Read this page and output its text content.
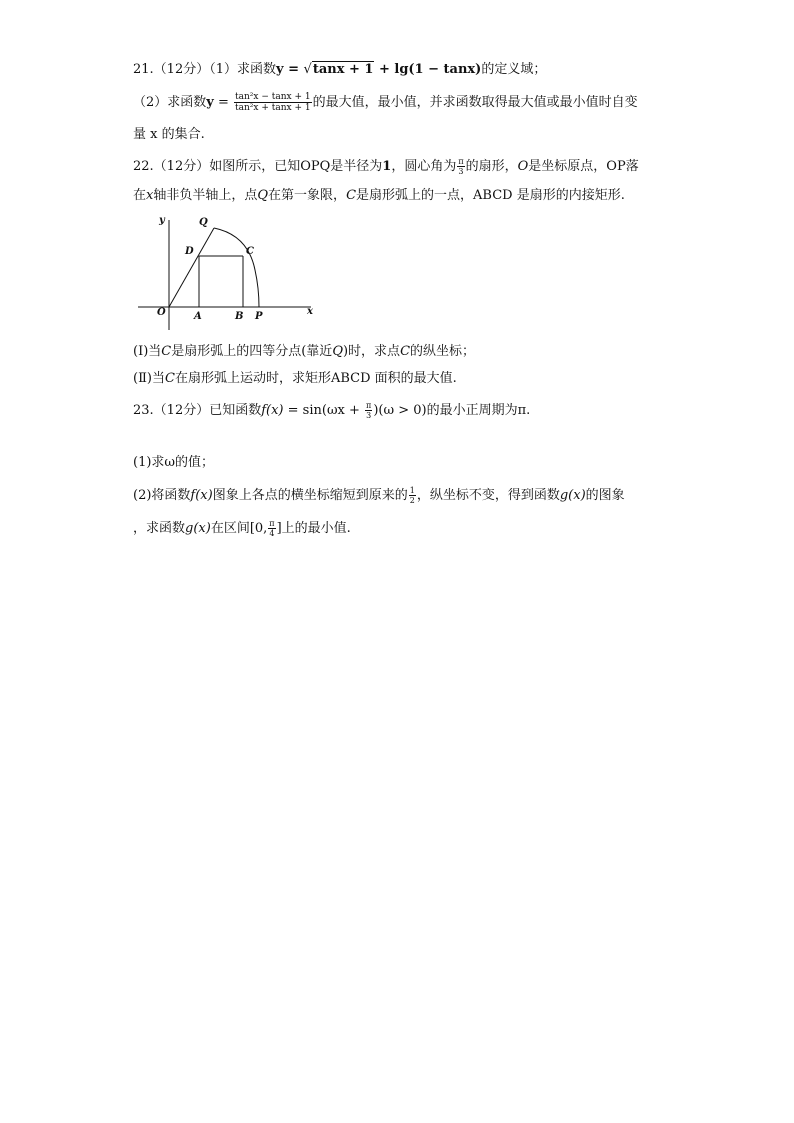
21.（12分）（1）求函数y = √tanx + 1 + lg(1 − tanx)的定义域；
（2）求函数$y = \frac{\text{tan²x − tanx + 1}}{\text{tan²x + tanx + 1}}$ 的最大值，最小值，并求函数取得最大值或最小值时自变
量 x 的集合.
22.（12分）如图所示，已知OPQ是半径为1，圆心角为 $\frac{\pi}{3}$ 的扇形，O是坐标原点，OP落
在x轴非负半轴上，点Q在第一象限，C是扇形弧上的一点，ABCD 是扇形的内接矩形.
y
x
O	A	B P
C
D
Q
(Ⅰ)当C是扇形弧上的四等分点(靠近Q)时，求点C的纵坐标；
(Ⅱ)当C在扇形弧上运动时，求矩形ABCD 面积的最大值.
23.（12分）已知函数$f(x) = \sin(\omega x + \frac{\pi}{3} )(\omega > 0)$的最小正周期为π.
(1)求ω的值；
(2)将函数f(x)图象上各点的横坐标缩短到原来的 $\frac{1}{2}$ ，纵坐标不变，得到函数g(x)的图象
，求函数g(x)在区间[0, $\frac{\pi}{4}$ ]上的最小值.
